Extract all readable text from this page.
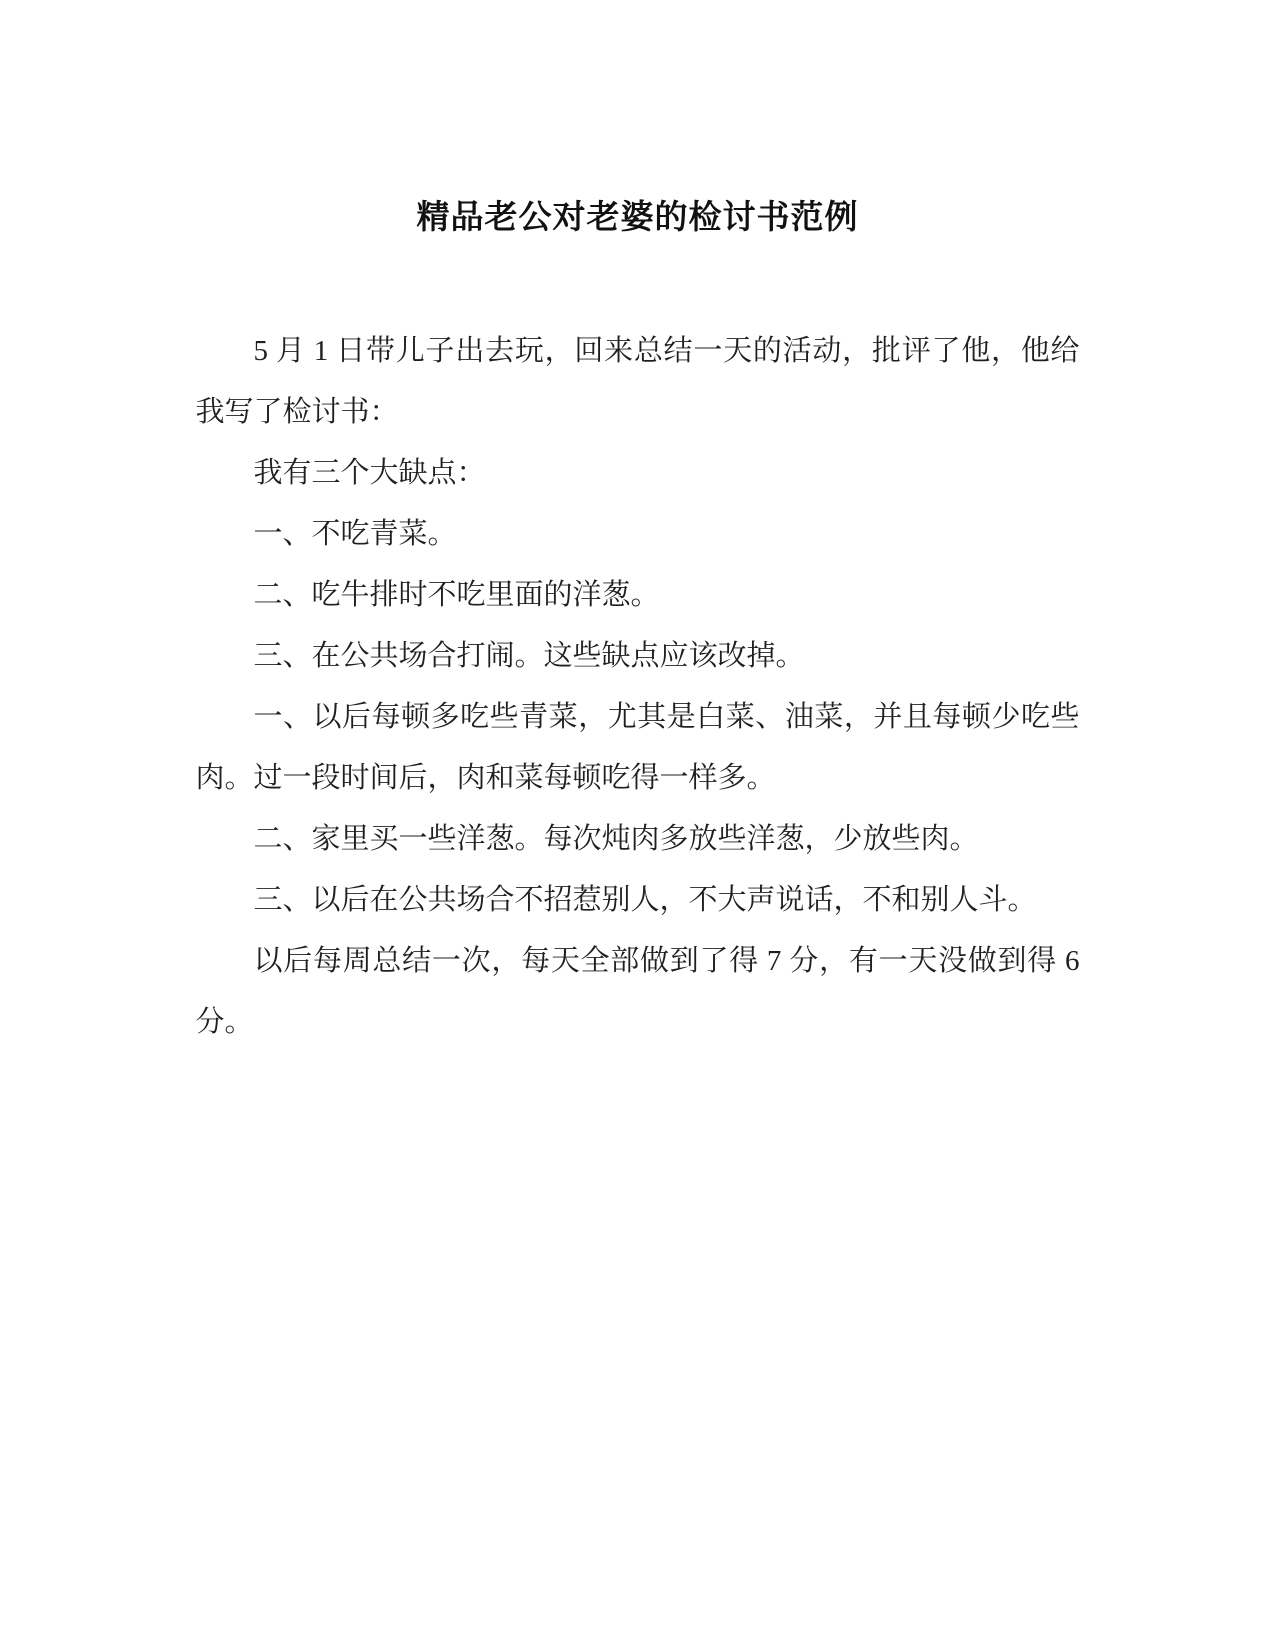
精品老公对老婆的检讨书范例

5 月 1 日带儿子出去玩，回来总结一天的活动，批评了他，他给我写了检讨书：

我有三个大缺点：

一、不吃青菜。

二、吃牛排时不吃里面的洋葱。

三、在公共场合打闹。这些缺点应该改掉。

一、以后每顿多吃些青菜，尤其是白菜、油菜，并且每顿少吃些肉。过一段时间后，肉和菜每顿吃得一样多。

二、家里买一些洋葱。每次炖肉多放些洋葱，少放些肉。

三、以后在公共场合不招惹别人，不大声说话，不和别人斗。

以后每周总结一次，每天全部做到了得 7 分，有一天没做到得 6 分。
